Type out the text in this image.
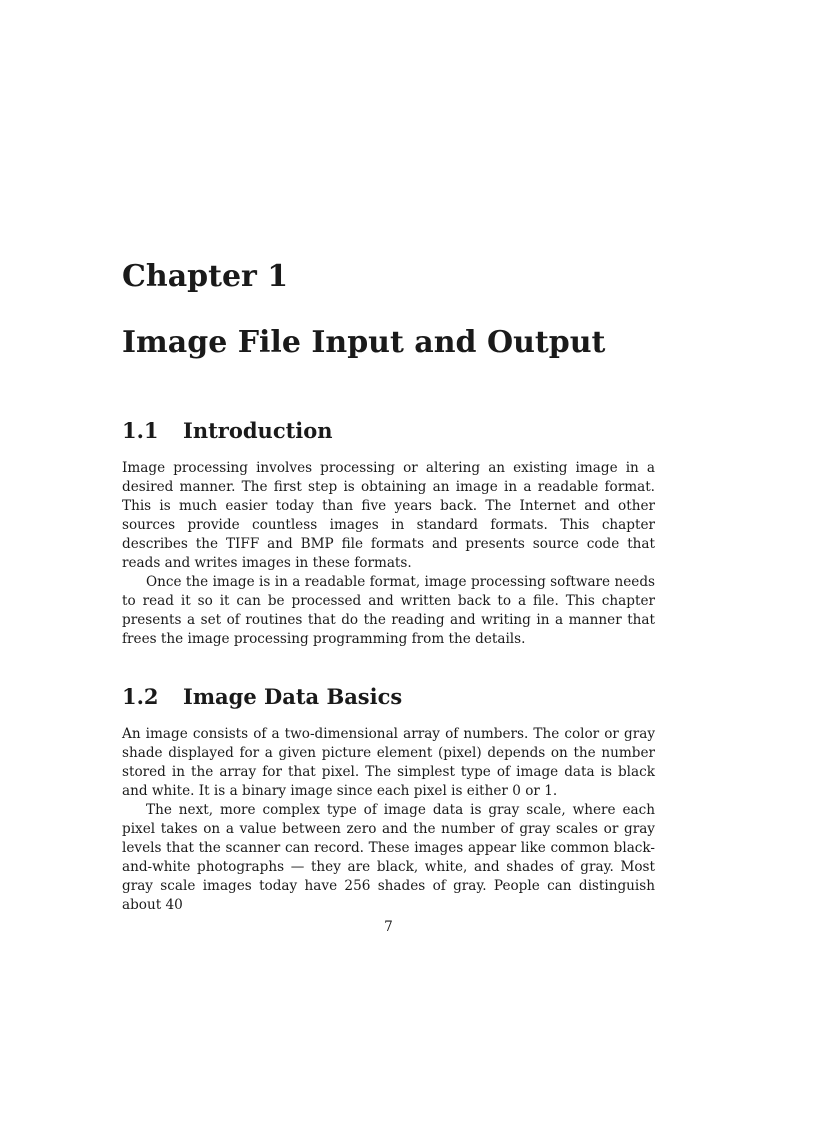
Chapter 1
Image File Input and Output
1.1 Introduction

Image processing involves processing or altering an existing image in a desired manner. The first step is obtaining an image in a readable format. This is much easier today than five years back. The Internet and other sources provide countless images in standard formats. This chapter describes the TIFF and BMP file formats and presents source code that reads and writes images in these formats.

Once the image is in a readable format, image processing software needs to read it so it can be processed and written back to a file. This chapter presents a set of routines that do the reading and writing in a manner that frees the image processing programming from the details.

1.2 Image Data Basics

An image consists of a two-dimensional array of numbers. The color or gray shade displayed for a given picture element (pixel) depends on the number stored in the array for that pixel. The simplest type of image data is black and white. It is a binary image since each pixel is either 0 or 1.

The next, more complex type of image data is gray scale, where each pixel takes on a value between zero and the number of gray scales or gray levels that the scanner can record. These images appear like common black-and-white photographs — they are black, white, and shades of gray. Most gray scale images today have 256 shades of gray. People can distinguish about 40

7
